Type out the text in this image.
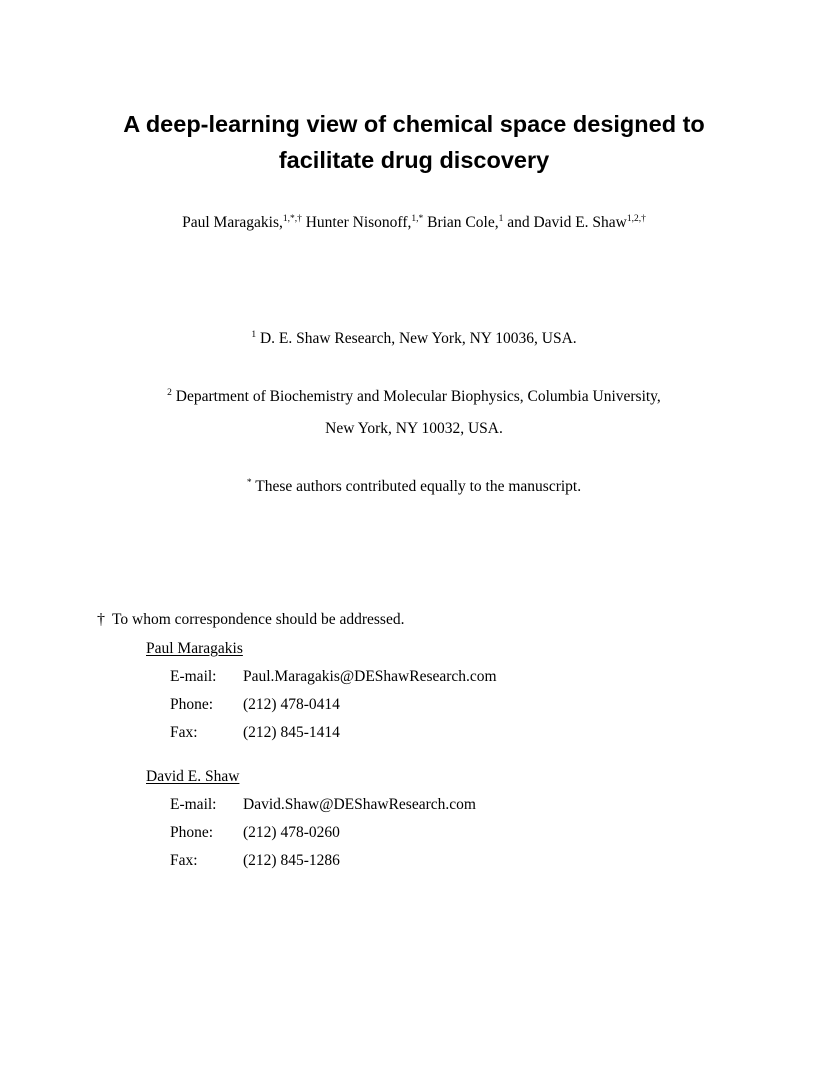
A deep-learning view of chemical space designed to
facilitate drug discovery

Paul Maragakis,$^{1,*,\dagger}$ Hunter Nisonoff,$^{1,*}$ Brian Cole,$^1$ and David E. Shaw$^{1,2,\dagger}$

$^1$ D. E. Shaw Research, New York, NY 10036, USA.

$^2$ Department of Biochemistry and Molecular Biophysics, Columbia University,

New York, NY 10032, USA.

* These authors contributed equally to the manuscript.

† To whom correspondence should be addressed.

Paul Maragakis
E-mail: Paul.Maragakis@DEShawResearch.com
Phone: (212) 478-0414
Fax:	(212) 845-1414
David E. Shaw
E-mail: David.Shaw@DEShawResearch.com
Phone: (212) 478-0260
Fax:	(212) 845-1286
